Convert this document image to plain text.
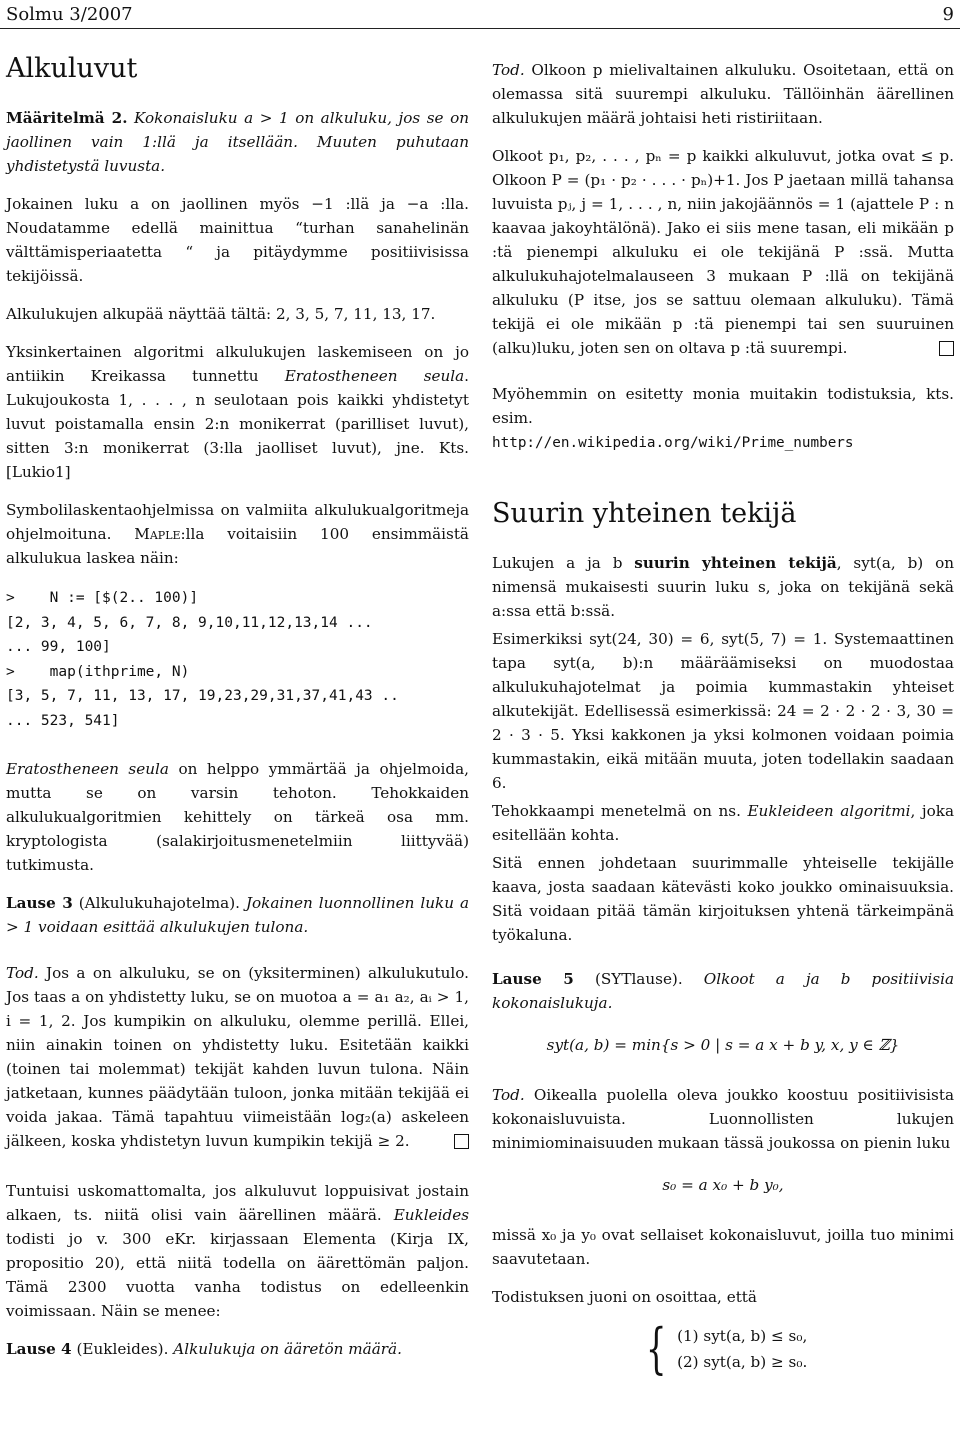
Solmu 3/2007	9
Alkuluvut

Määritelmä 2. Kokonaisluku a > 1 on alkuluku, jos se on jaollinen vain 1:llä ja itsellään. Muuten puhutaan yhdistetystä luvusta.

Jokainen luku a on jaollinen myös −1 :llä ja −a :lla. Noudatamme edellä mainittua “turhan sanahelinän välttämisperiaatetta “ ja pitäydymme positiivisissa tekijöissä.

Alkulukujen alkupää näyttää tältä: 2, 3, 5, 7, 11, 13, 17.

Yksinkertainen algoritmi alkulukujen laskemiseen on jo antiikin Kreikassa tunnettu Eratostheneen seula. Lukujoukosta 1, . . . , n seulotaan pois kaikki yhdistetyt luvut poistamalla ensin 2:n monikerrat (parilliset luvut), sitten 3:n monikerrat (3:lla jaolliset luvut), jne. Kts. [Lukio1]

Symbolilaskentaohjelmissa on valmiita alkulukualgoritmeja ohjelmoituna. Maple:lla voitaisiin 100 ensimmäistä alkulukua laskea näin:

>    N := [$(2.. 100)]
[2, 3, 4, 5, 6, 7, 8, 9,10,11,12,13,14 ...
... 99, 100]
>    map(ithprime, N)
[3, 5, 7, 11, 13, 17, 19,23,29,31,37,41,43 ..
... 523, 541]

Eratostheneen seula on helppo ymmärtää ja ohjelmoida, mutta se on varsin tehoton. Tehokkaiden alkulukualgoritmien kehittely on tärkeä osa mm. kryptologista (salakirjoitusmenetelmiin liittyvää) tutkimusta.

Lause 3 (Alkulukuhajotelma). Jokainen luonnollinen luku a > 1 voidaan esittää alkulukujen tulona.

Tod. Jos a on alkuluku, se on (yksiterminen) alkulukutulo. Jos taas a on yhdistetty luku, se on muotoa a = a₁ a₂, aᵢ > 1, i = 1, 2. Jos kumpikin on alkuluku, olemme perillä. Ellei, niin ainakin toinen on yhdistetty luku. Esitetään kaikki (toinen tai molemmat) tekijät kahden luvun tulona. Näin jatketaan, kunnes päädytään tuloon, jonka mitään tekijää ei voida jakaa. Tämä tapahtuu viimeistään log₂(a) askeleen jälkeen, koska yhdistetyn luvun kumpikin tekijä ≥ 2.

Tuntuisi uskomattomalta, jos alkuluvut loppuisivat jostain alkaen, ts. niitä olisi vain äärellinen määrä. Eukleides todisti jo v. 300 eKr. kirjassaan Elementa (Kirja IX, propositio 20), että niitä todella on äärettömän paljon. Tämä 2300 vuotta vanha todistus on edelleenkin voimissaan. Näin se menee:

Lause 4 (Eukleides). Alkulukuja on ääretön määrä.

Tod. Olkoon p mielivaltainen alkuluku. Osoitetaan, että on olemassa sitä suurempi alkuluku. Tällöinhän äärellinen alkulukujen määrä johtaisi heti ristiriitaan.

Olkoot p₁, p₂, . . . , pₙ = p kaikki alkuluvut, jotka ovat ≤ p. Olkoon P = (p₁ · p₂ · . . . · pₙ)+1. Jos P jaetaan millä tahansa luvuista pⱼ, j = 1, . . . , n, niin jakojäännös = 1 (ajattele P : n kaavaa jakoyhtälönä). Jako ei siis mene tasan, eli mikään p :tä pienempi alkuluku ei ole tekijänä P :ssä. Mutta alkulukuhajotelmalauseen 3 mukaan P :llä on tekijänä alkuluku (P itse, jos se sattuu olemaan alkuluku). Tämä tekijä ei ole mikään p :tä pienempi tai sen suuruinen (alku)luku, joten sen on oltava p :tä suurempi.

Myöhemmin on esitetty monia muitakin todistuksia, kts. esim.
http://en.wikipedia.org/wiki/Prime_numbers

Suurin yhteinen tekijä

Lukujen a ja b suurin yhteinen tekijä, syt(a, b) on nimensä mukaisesti suurin luku s, joka on tekijänä sekä a:ssa että b:ssä.

Esimerkiksi syt(24, 30) = 6, syt(5, 7) = 1. Systemaattinen tapa syt(a, b):n määräämiseksi on muodostaa alkulukuhajotelmat ja poimia kummastakin yhteiset alkutekijät. Edellisessä esimerkissä: 24 = 2 · 2 · 2 · 3, 30 = 2 · 3 · 5. Yksi kakkonen ja yksi kolmonen voidaan poimia kummastakin, eikä mitään muuta, joten todellakin saadaan 6.

Tehokkaampi menetelmä on ns. Eukleideen algoritmi, joka esitellään kohta.

Sitä ennen johdetaan suurimmalle yhteiselle tekijälle kaava, josta saadaan kätevästi koko joukko ominaisuuksia. Sitä voidaan pitää tämän kirjoituksen yhtenä tärkeimpänä työkaluna.

Lause 5 (SYTlause). Olkoot a ja b positiivisia kokonaislukuja.

syt(a, b) = min{s > 0 | s = a x + b y, x, y ∈ ℤ}

Tod. Oikealla puolella oleva joukko koostuu positiivisista kokonaisluvuista. Luonnollisten lukujen minimiominaisuuden mukaan tässä joukossa on pienin luku

s₀ = a x₀ + b y₀,

missä x₀ ja y₀ ovat sellaiset kokonaisluvut, joilla tuo minimi saavutetaan.

Todistuksen juoni on osoittaa, että

{ (1) syt(a, b) ≤ s₀,
(2) syt(a, b) ≥ s₀.
